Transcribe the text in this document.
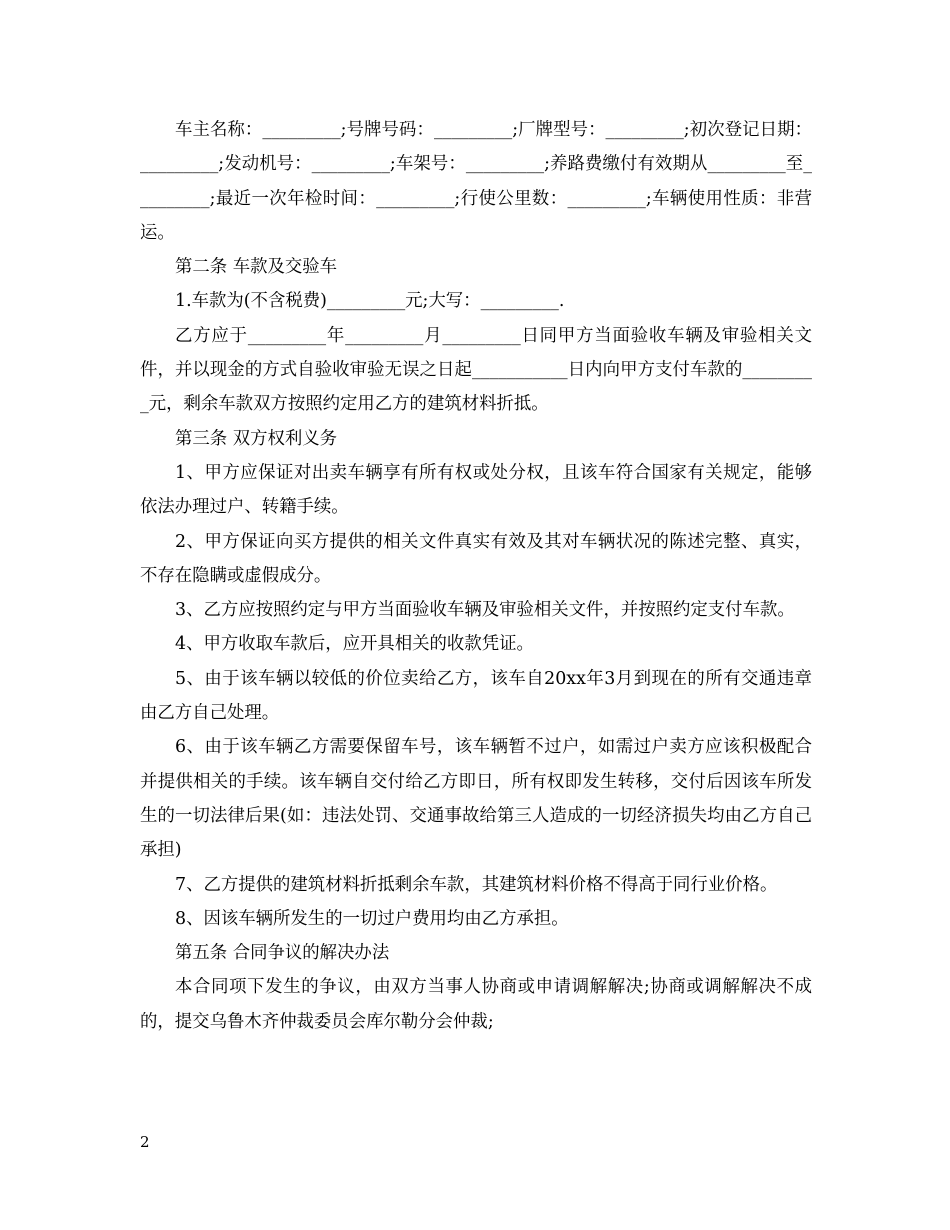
车主名称：_________;号牌号码：_________;厂牌型号：_________;初次登记日期：_________;发动机号：_________;车架号：_________;养路费缴付有效期从_________至_________;最近一次年检时间：_________;行使公里数：_________;车辆使用性质：非营运。

第二条 车款及交验车

1.车款为(不含税费)_________元;大写：_________.

乙方应于_________年_________月_________日同甲方当面验收车辆及审验相关文件，并以现金的方式自验收审验无误之日起___________日内向甲方支付车款的_________元，剩余车款双方按照约定用乙方的建筑材料折抵。

第三条 双方权利义务

1、甲方应保证对出卖车辆享有所有权或处分权，且该车符合国家有关规定，能够依法办理过户、转籍手续。

2、甲方保证向买方提供的相关文件真实有效及其对车辆状况的陈述完整、真实，不存在隐瞒或虚假成分。

3、乙方应按照约定与甲方当面验收车辆及审验相关文件，并按照约定支付车款。

4、甲方收取车款后，应开具相关的收款凭证。

5、由于该车辆以较低的价位卖给乙方，该车自20xx年3月到现在的所有交通违章由乙方自己处理。

6、由于该车辆乙方需要保留车号，该车辆暂不过户，如需过户卖方应该积极配合并提供相关的手续。该车辆自交付给乙方即日，所有权即发生转移，交付后因该车所发生的一切法律后果(如：违法处罚、交通事故给第三人造成的一切经济损失均由乙方自己承担)

7、乙方提供的建筑材料折抵剩余车款，其建筑材料价格不得高于同行业价格。

8、因该车辆所发生的一切过户费用均由乙方承担。

第五条 合同争议的解决办法

本合同项下发生的争议，由双方当事人协商或申请调解解决;协商或调解解决不成的，提交乌鲁木齐仲裁委员会库尔勒分会仲裁;

2
